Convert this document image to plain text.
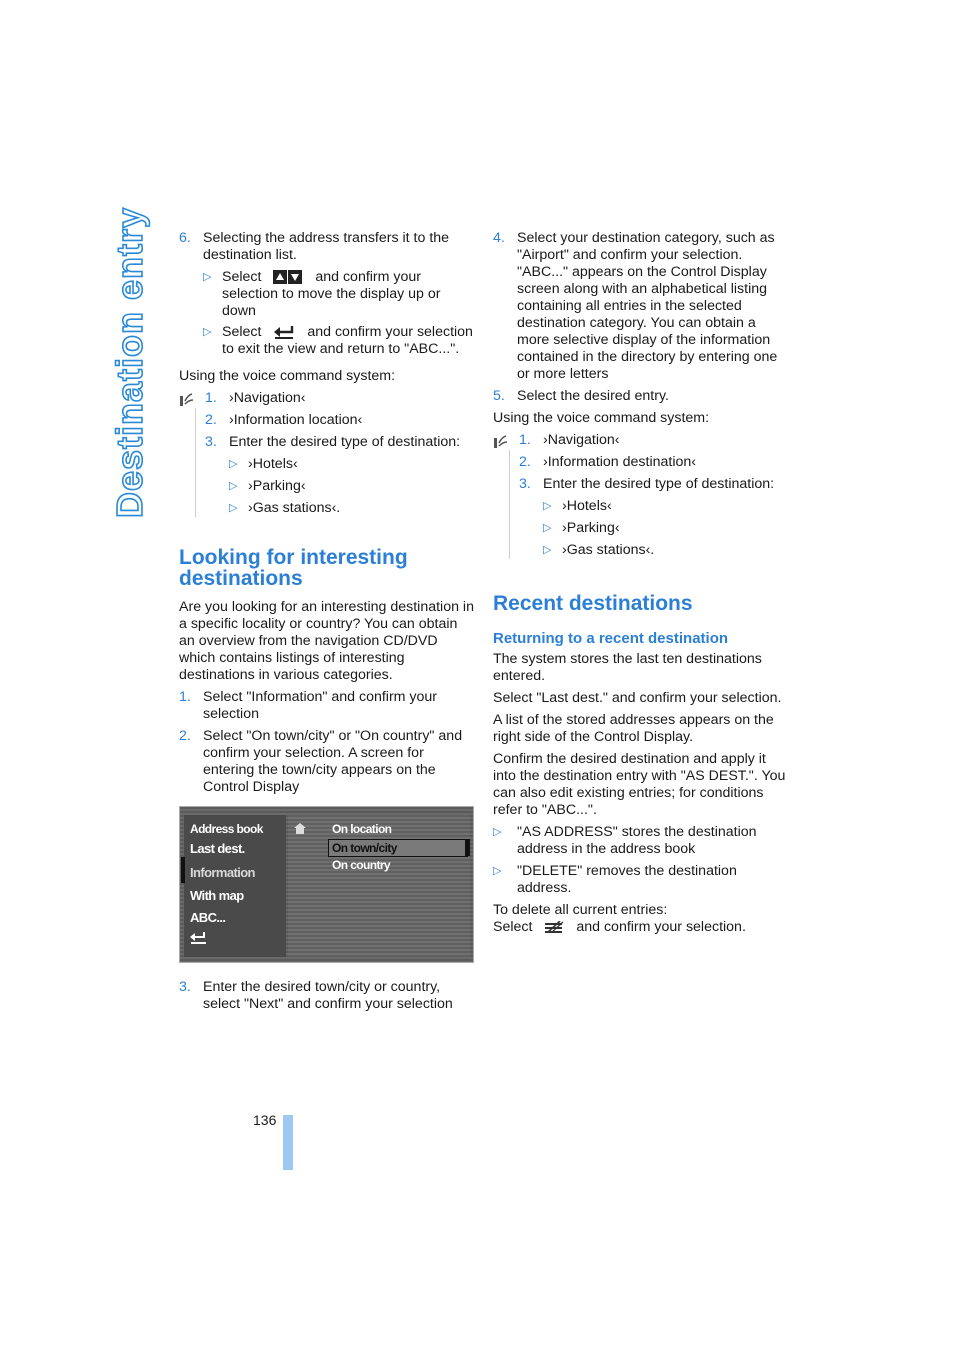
Destination entry 6. Selecting the address transfers it to the destination list.
▷ Select	and confirm your selection to move the display up or down
▷ Select	and confirm your selection to exit the view and return to "ABC...".

Using the voice command system:

1. ›Navigation‹
2. ›Information location‹
3. Enter the desired type of destination:
▷ ›Hotels‹
▷ ›Parking‹
▷ ›Gas stations‹.
Looking for interesting destinations

Are you looking for an interesting destination in a specific locality or country? You can obtain an overview from the navigation CD/DVD which contains listings of interesting destinations in various categories.

1. Select "Information" and confirm your selection
2. Select "On town/city" or "On country" and confirm your selection. A screen for entering the town/city appears on the Control Display
Address book
Last dest.
Information
With map
ABC...
On location
On town/city
On country
3. Enter the desired town/city or country, select "Next" and confirm your selection
4. Select your destination category, such as "Airport" and confirm your selection. "ABC..." appears on the Control Display screen along with an alphabetical listing containing all entries in the selected destination category. You can obtain a more selective display of the information contained in the directory by entering one or more letters
5. Select the desired entry.

Using the voice command system:

1. ›Navigation‹
2. ›Information destination‹
3. Enter the desired type of destination:
▷ ›Hotels‹
▷ ›Parking‹
▷ ›Gas stations‹.
Recent destinations
Returning to a recent destination

The system stores the last ten destinations entered.

Select "Last dest." and confirm your selection.

A list of the stored addresses appears on the right side of the Control Display.

Confirm the desired destination and apply it into the destination entry with "AS DEST.". You can also edit existing entries; for conditions refer to "ABC...".

▷ "AS ADDRESS" stores the destination address in the address book
▷ "DELETE" removes the destination address.

To delete all current entries:

Select	and confirm your selection.

136
